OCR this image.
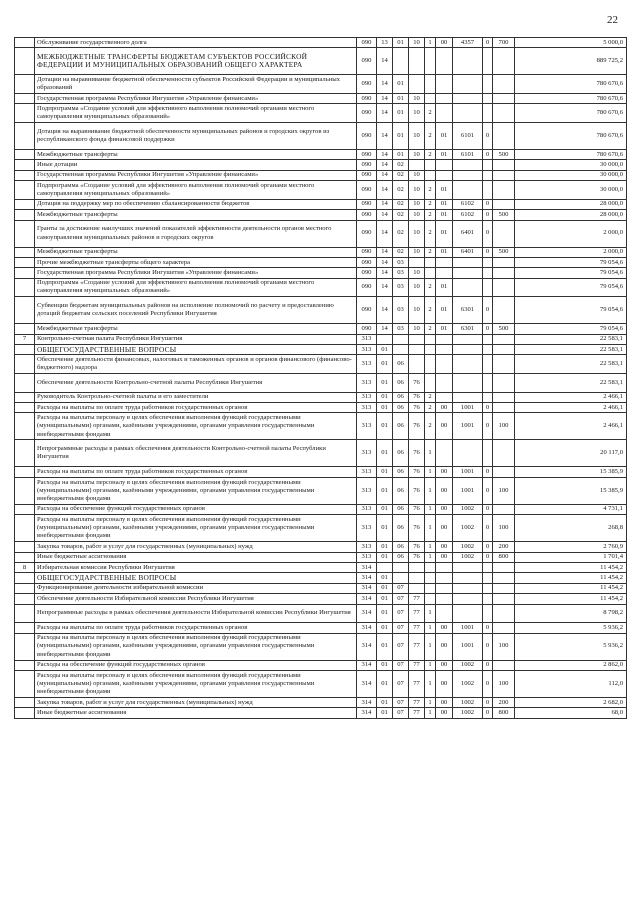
22
	Обслуживание государственного долга	090	13	01	10	1	00	4357	0	700	5 000,0
	МЕЖБЮДЖЕТНЫЕ ТРАНСФЕРТЫ БЮДЖЕТАМ СУБЪЕКТОВ РОССИЙСКОЙ ФЕДЕРАЦИИ И МУНИЦИПАЛЬНЫХ ОБРАЗОВАНИЙ ОБЩЕГО ХАРАКТЕРА	090	14								889 725,2
	Дотации на выравнивание бюджетной обеспеченности субъектов Российской Федерации и муниципальных образований	090	14	01							780 670,6
	Государственная программа Республики Ингушетия «Управление финансами»	090	14	01	10						780 670,6
	Подпрограмма «Создание условий для эффективного выполнения полномочий органами местного самоуправления муниципальных образований»	090	14	01	10	2					780 670,6
	Дотация на выравнивание бюджетной обеспеченности муниципальных районов и городских округов из республиканского фонда финансовой поддержки	090	14	01	10	2	01	6101	0		780 670,6
	Межбюджетные трансферты	090	14	01	10	2	01	6101	0	500	780 670,6
	Иные дотации	090	14	02							30 000,0
	Государственная программа Республики Ингушетия «Управление финансами»	090	14	02	10						30 000,0
	Подпрограмма «Создание условий для эффективного выполнения полномочий органами местного самоуправления муниципальных образований»	090	14	02	10	2	01				30 000,0
	Дотация на поддержку мер по обеспечению сбалансированности бюджетов	090	14	02	10	2	01	6102	0		28 000,0
	Межбюджетные трансферты	090	14	02	10	2	01	6102	0	500	28 000,0
	Гранты за достижение наилучших значений показателей эффективности деятельности органов местного самоуправления муниципальных районов и городских округов	090	14	02	10	2	01	6401	0		2 000,0
	Межбюджетные трансферты	090	14	02	10	2	01	6401	0	500	2 000,0
	Прочие межбюджетные трансферты общего характера	090	14	03							79 054,6
	Государственная программа Республики Ингушетия «Управление финансами»	090	14	03	10						79 054,6
	Подпрограмма «Создание условий для эффективного выполнения полномочий органами местного самоуправления муниципальных образований»	090	14	03	10	2	01				79 054,6
	Субвенции бюджетам муниципальных районов на исполнение полномочий по расчету и предоставлению дотаций бюджетам сельских поселений Республики Ингушетия	090	14	03	10	2	01	6301	0		79 054,6
	Межбюджетные трансферты	090	14	03	10	2	01	6301	0	500	79 054,6
7	Контрольно-счетная палата Республики Ингушетия	313									22 583,1
	ОБЩЕГОСУДАРСТВЕННЫЕ ВОПРОСЫ	313	01								22 583,1
	Обеспечение деятельности финансовых, налоговых и таможенных органов и органов финансового (финансово-бюджетного) надзора	313	01	06							22 583,1
	Обеспечение деятельности Контрольно-счетной палаты Республики Ингушетия	313	01	06	76						22 583,1
	Руководитель Контрольно-счетной палаты и его заместители	313	01	06	76	2					2 466,1
	Расходы на выплаты по оплате труда работников государственных органов	313	01	06	76	2	00	1001	0		2 466,1
	Расходы на выплаты персоналу в целях обеспечения выполнения функций государственными (муниципальными) органами, казёнными учреждениями, органами управления государственными внебюджетными фондами	313	01	06	76	2	00	1001	0	100	2 466,1
	Непрограммные расходы в рамках обеспечения деятельности Контрольно-счетной палаты Республики Ингушетия	313	01	06	76	1					20 117,0
	Расходы на выплаты по оплате труда работников государственных органов	313	01	06	76	1	00	1001	0		15 385,9
	Расходы на выплаты персоналу в целях обеспечения выполнения функций государственными (муниципальными) органами, казёнными учреждениями, органами управления государственными внебюджетными фондами	313	01	06	76	1	00	1001	0	100	15 385,9
	Расходы на обеспечение функций государственных органов	313	01	06	76	1	00	1002	0		4 731,1
	Расходы на выплаты персоналу в целях обеспечения выполнения функций государственными (муниципальными) органами, казёнными учреждениями, органами управления государственными внебюджетными фондами	313	01	06	76	1	00	1002	0	100	268,8
	Закупка товаров, работ и услуг для государственных (муниципальных) нужд	313	01	06	76	1	00	1002	0	200	2 760,9
	Иные бюджетные ассигнования	313	01	06	76	1	00	1002	0	800	1 701,4
8	Избирательная комиссия Республики Ингушетия	314									11 454,2
	ОБЩЕГОСУДАРСТВЕННЫЕ ВОПРОСЫ	314	01								11 454,2
	Функционирование деятельности избирательной комиссии	314	01	07							11 454,2
	Обеспечение деятельности Избирательной комиссии Республики Ингушетия	314	01	07	77						11 454,2
	Непрограммные расходы в рамках обеспечения деятельности Избирательной комиссии Республики Ингушетия	314	01	07	77	1					8 798,2
	Расходы на выплаты по оплате труда работников государственных органов	314	01	07	77	1	00	1001	0		5 936,2
	Расходы на выплаты персоналу в целях обеспечения выполнения функций государственными (муниципальными) органами, казёнными учреждениями, органами управления государственными внебюджетными фондами	314	01	07	77	1	00	1001	0	100	5 936,2
	Расходы на обеспечение функций государственных органов	314	01	07	77	1	00	1002	0		2 862,0
	Расходы на выплаты персоналу в целях обеспечения выполнения функций государственными (муниципальными) органами, казёнными учреждениями, органами управления государственными внебюджетными фондами	314	01	07	77	1	00	1002	0	100	112,0
	Закупка товаров, работ и услуг для государственных (муниципальных) нужд	314	01	07	77	1	00	1002	0	200	2 682,0
	Иные бюджетные ассигнования	314	01	07	77	1	00	1002	0	800	68,0
